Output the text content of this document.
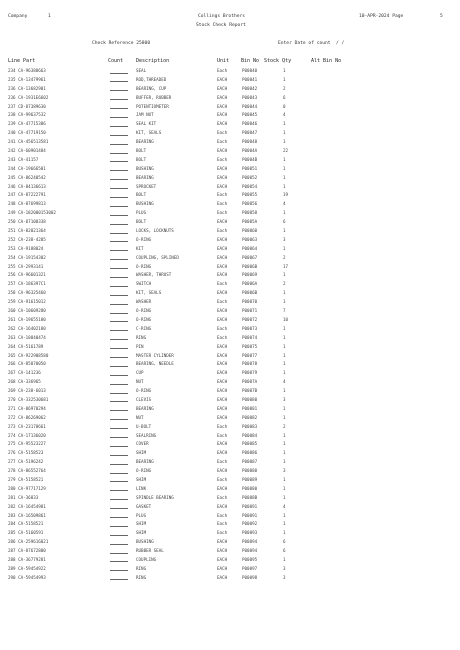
Company	1	Collings Brothers	10-APR-2024 Page	5
Stock Check Report
Check Reference 25800	Enter Date of count / /
Line Part	Count	Description	Unit Bin No Stock Qty	Alt Bin No
234 CA-96388663	SEAL	Each	P00040	1
235 CA-13479961	ROD,THREADED	EACH	P00041	1
236 CA-13682901	BEARING, CUP	EACH	P00042	2
236 CA-1931E6602	BUFFER, RUBBER	EACH	P00043	6
237 CD-87389630	POTENTIOMETER	EACH	P00044	0
238 CA-99637532	JAM NUT	EACH	P00045	4
239 CA-47715386	SEAL KIT	EACH	P00046	1
240 CA-47719150	KIT, SEALS	Each	P00047	1
241 CA-456513581	BEARING	Each	P00048	1
242 CA-60901484	BOLT	EACH	P0004A	22
243 CA-41157	BOLT	Each	P0004B	1
244 CA-19666501	BUSHING	EACH	P00051	1
245 CA-86240542	BEARING	EACH	P00052	1
246 CA-84136613	SPROCKET	EACH	P00054	1
247 CA-87222791	BOLT	Each	P00055	19
248 CA-87699813	BUSHING	Each	P00056	4
249 CA-182000153002	PLUG	Each	P00058	1
250 CA-87100338	BOLT	EACH	P0005A	6
251 CA-82021364	LOCKS, LOCKNUTS	Each	P00060	1
252 CA-238-4205	O-RING	EACH	P00063	3
253 CA-9188024	KIT	EACH	P00064	1
254 CA-19154302	COUPLING, SPLINED	EACH	P00067	2
255 CA-2993141	O-RING	EACH	P0006B	17
256 CA-96601321	WASHER, THRUST	EACH	P00069	1
257 CA-186397C1	SWITCH	Each	P0006A	2
258 CA-96325460	KIT, SEALS	EACH	P0006B	1
259 CA-91615012	WASHER	Each	P00070	1
260 CA-10609280	O-RING	EACH	P00071	7
261 CA-19655180	O-RING	EACH	P00072	10
262 CA-16402180	C-RING	Each	P00073	1
263 CA-10840474	RING	Each	P00074	1
264 CA-5161789	PIN	EACH	P00075	1
265 CA-922908580	MASTER CYLINDER	EACH	P00077	1
266 CA-85070050	BEARING, NEEDLE	EACH	P00078	1
267 CA-141236	CUP	EACH	P00079	1
268 CA-336965	NUT	EACH	P0007A	4
269 CA-238-6013	O-RING	EACH	P0007B	1
270 CA-332530681	CLEVIS	EACH	P00080	3
271 CA-86970294	BEARING	EACH	P00081	1
272 CA-86269062	NUT	EACH	P00082	1
273 CA-23178661	U-BOLT	Each	P00083	2
274 CA-17136020	SEALRING	Each	P00084	1
275 CA-95523227	COVER	EACH	P00085	1
276 CA-5158523	SHIM	EACH	P00086	1
277 CA-5196242	BEARING	Each	P00087	1
278 CA-86552764	O-RING	EACH	P00088	3
279 CA-5158521	SHIM	Each	P00089	1
280 CA-97717129	LINK	EACH	P00080	1
281 CA-36833	SPINDLE BEARING	Each	P0008B	1
282 CA-16454981	GASKET	EACH	P00091	4
283 CA-16509861	PLUG	Each	P00091	1
284 CA-5158521	SHIM	Each	P00092	1
285 CA-5160591	SHIM	Each	P00093	1
286 CA-259616021	BUSHING	EACH	P00094	6
287 CA-87672800	RUBBER SEAL	EACH	P00094	6
288 CA-36779281	COUPLING	EACH	P00095	1
289 CA-59454922	RING	EACH	P00097	3
290 CA-59454993	RING	EACH	P00098	3
